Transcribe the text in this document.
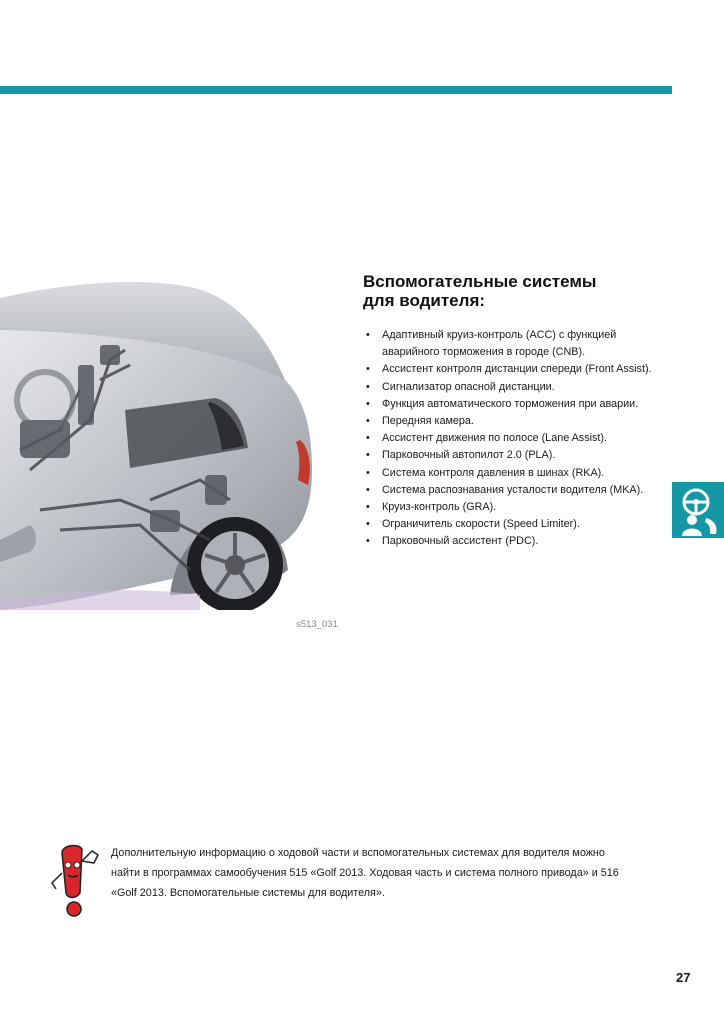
s513_031
Вспомогательные системы
для водителя:
• Адаптивный круиз-контроль (ACC) с функцией аварийного торможения в городе (CNB).
• Ассистент контроля дистанции спереди (Front Assist).
• Сигнализатор опасной дистанции.
• Функция автоматического торможения при аварии.
• Передняя камера.
• Ассистент движения по полосе (Lane Assist).
• Парковочный автопилот 2.0 (PLA).
• Система контроля давления в шинах (RKA).
• Система распознавания усталости водителя (MKA).
• Круиз-контроль (GRA).
• Ограничитель скорости (Speed Limiter).
• Парковочный ассистент (PDC).
Дополнительную информацию о ходовой части и вспомогательных системах для водителя можно найти в программах самообучения 515 «Golf 2013. Ходовая часть и система полного привода» и 516 «Golf 2013. Вспомогательные системы для водителя».
27
